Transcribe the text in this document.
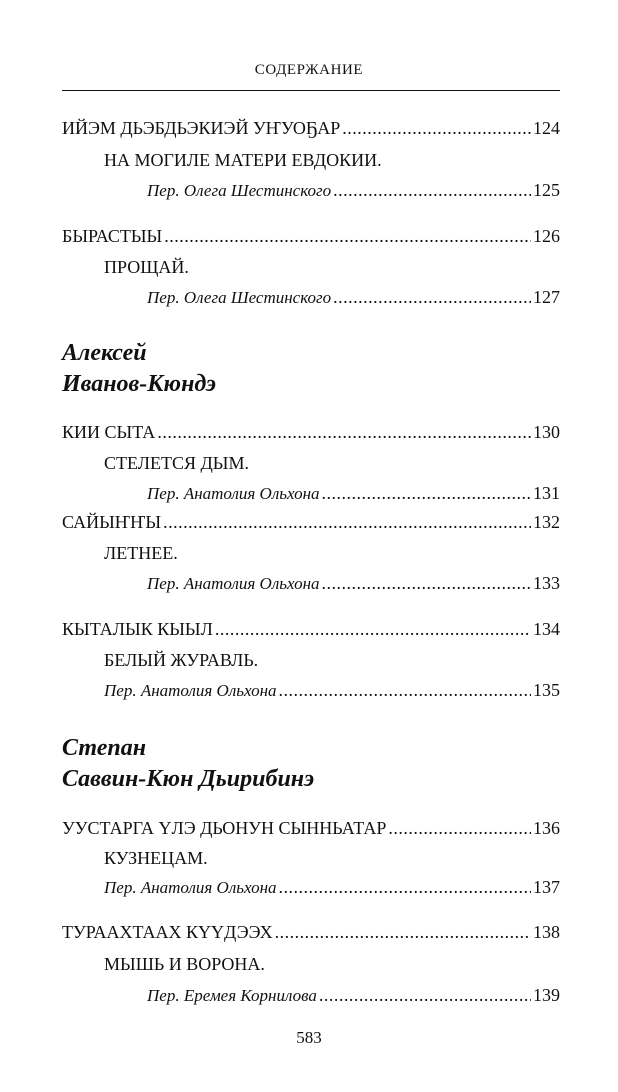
СОДЕРЖАНИЕ
ИЙЭМ ДЬЭБДЬЭКИЭЙ УҤУОҔАР .....	124
НА МОГИЛЕ МАТЕРИ ЕВДОКИИ.
Пер. Олега Шестинского .....	125
БЫРАСТЫЫ .....	126
ПРОЩАЙ.
Пер. Олега Шестинского .....	127
Алексей
Иванов-Кюндэ
КИИ СЫТА .....	130
СТЕЛЕТСЯ ДЫМ.
Пер. Анатолия Ольхона .....	131
САЙЫҤҤЫ .....	132
ЛЕТНЕЕ.
Пер. Анатолия Ольхона .....	133
КЫТАЛЫК КЫЫЛ .....	134
БЕЛЫЙ ЖУРАВЛЬ.
Пер. Анатолия Ольхона .....	135
Степан
Саввин-Кюн Дьирибинэ
УУСТАРГА ҮЛЭ ДЬОНУН СЫННЬАТАР .....	136
КУЗНЕЦАМ.
Пер. Анатолия Ольхона .....	137
ТУРААХТААХ КҮҮДЭЭХ .....	138
МЫШЬ И ВОРОНА.
Пер. Еремея Корнилова .....	139
583
